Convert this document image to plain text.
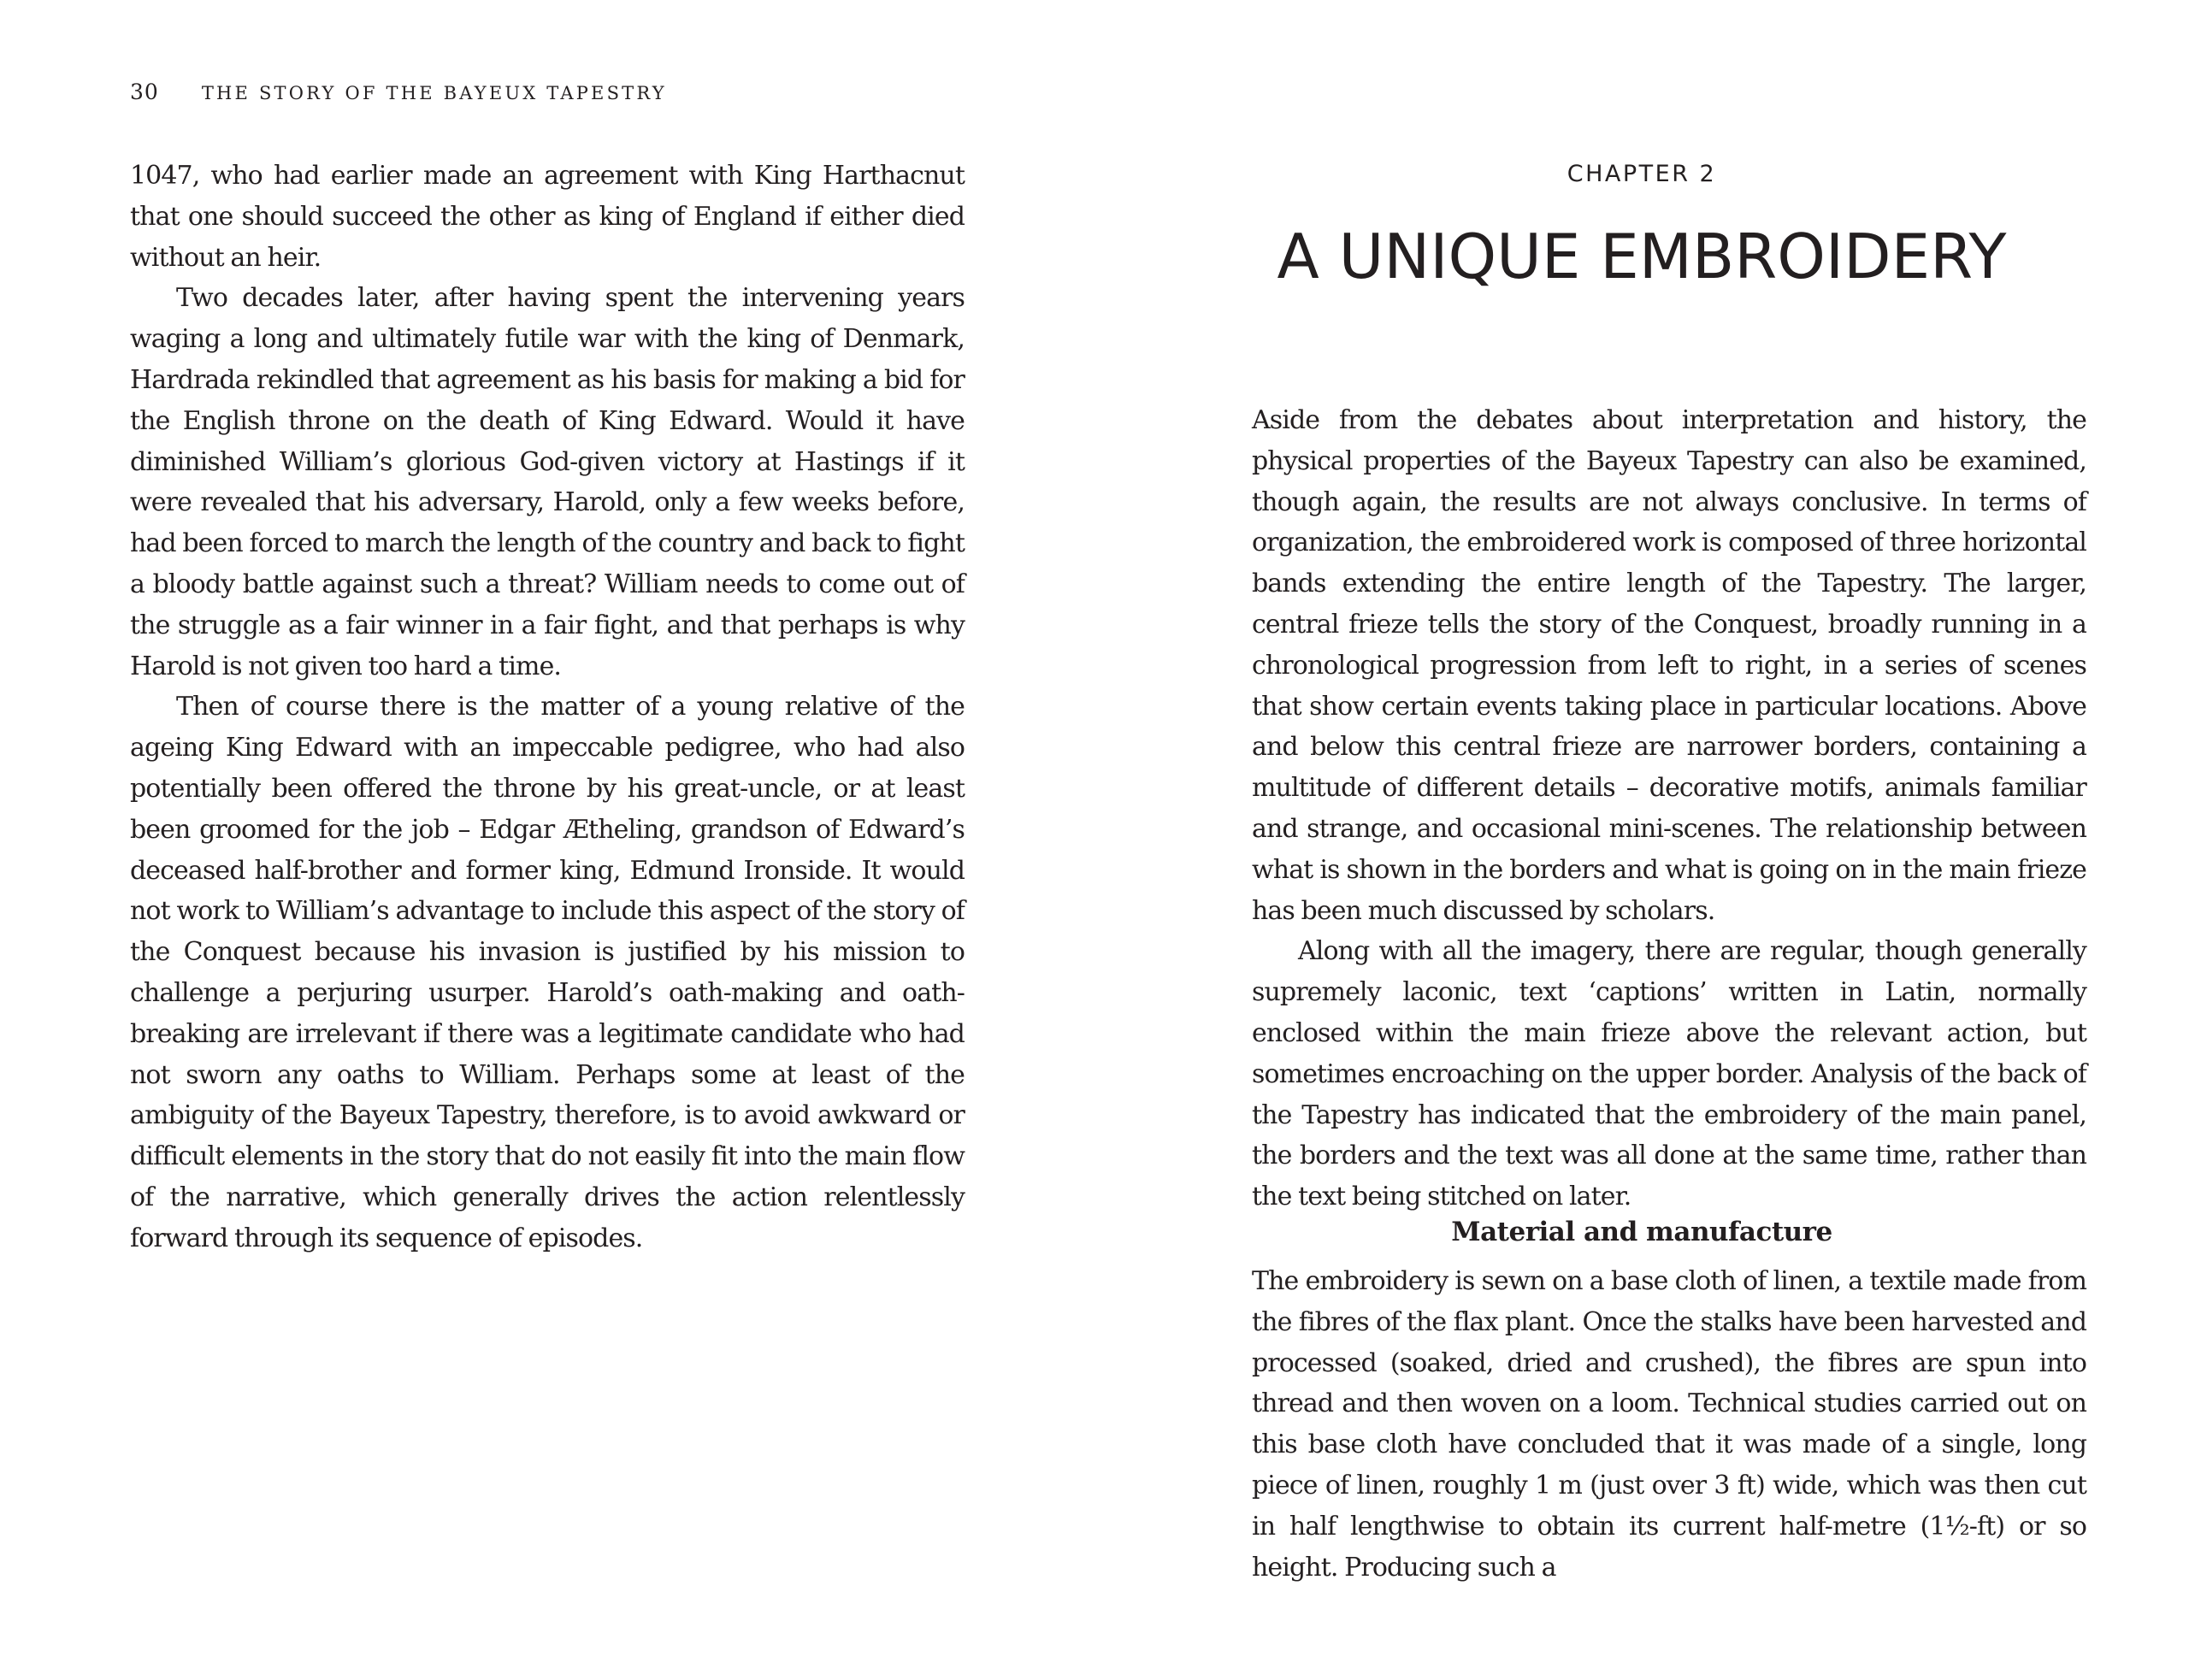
30 THE STORY OF THE BAYEUX TAPESTRY

1047, who had earlier made an agreement with King Harthacnut that one should succeed the other as king of England if either died without an heir.

Two decades later, after having spent the intervening years waging a long and ultimately futile war with the king of Denmark, Hardrada rekindled that agreement as his basis for making a bid for the English throne on the death of King Edward. Would it have diminished William’s glorious God-given victory at Hastings if it were revealed that his adversary, Harold, only a few weeks before, had been forced to march the length of the country and back to fight a bloody battle against such a threat? William needs to come out of the struggle as a fair winner in a fair fight, and that perhaps is why Harold is not given too hard a time.

Then of course there is the matter of a young relative of the ageing King Edward with an impeccable pedigree, who had also potentially been offered the throne by his great-uncle, or at least been groomed for the job – Edgar Ætheling, grandson of Edward’s deceased half-brother and former king, Edmund Ironside. It would not work to William’s advantage to include this aspect of the story of the Conquest because his invasion is justified by his mission to challenge a perjuring usurper. Harold’s oath-making and oath-breaking are irrelevant if there was a legitimate candidate who had not sworn any oaths to William. Perhaps some at least of the ambiguity of the Bayeux Tapestry, therefore, is to avoid awkward or difficult elements in the story that do not easily fit into the main flow of the narrative, which generally drives the action relentlessly forward through its sequence of episodes.

CHAPTER 2
A UNIQUE EMBROIDERY

Aside from the debates about interpretation and history, the physical properties of the Bayeux Tapestry can also be examined, though again, the results are not always conclusive. In terms of organization, the embroidered work is composed of three horizontal bands extending the entire length of the Tapestry. The larger, central frieze tells the story of the Conquest, broadly running in a chronological progression from left to right, in a series of scenes that show certain events taking place in particular locations. Above and below this central frieze are narrower borders, containing a multitude of different details – decorative motifs, animals familiar and strange, and occasional mini-scenes. The relationship between what is shown in the borders and what is going on in the main frieze has been much discussed by scholars.

Along with all the imagery, there are regular, though generally supremely laconic, text ‘captions’ written in Latin, normally enclosed within the main frieze above the relevant action, but sometimes encroaching on the upper border. Analysis of the back of the Tapestry has indicated that the embroidery of the main panel, the borders and the text was all done at the same time, rather than the text being stitched on later.

Material and manufacture

The embroidery is sewn on a base cloth of linen, a textile made from the fibres of the flax plant. Once the stalks have been harvested and processed (soaked, dried and crushed), the fibres are spun into thread and then woven on a loom. Technical studies carried out on this base cloth have concluded that it was made of a single, long piece of linen, roughly 1 m (just over 3 ft) wide, which was then cut in half lengthwise to obtain its current half-metre (1½-ft) or so height. Producing such a
